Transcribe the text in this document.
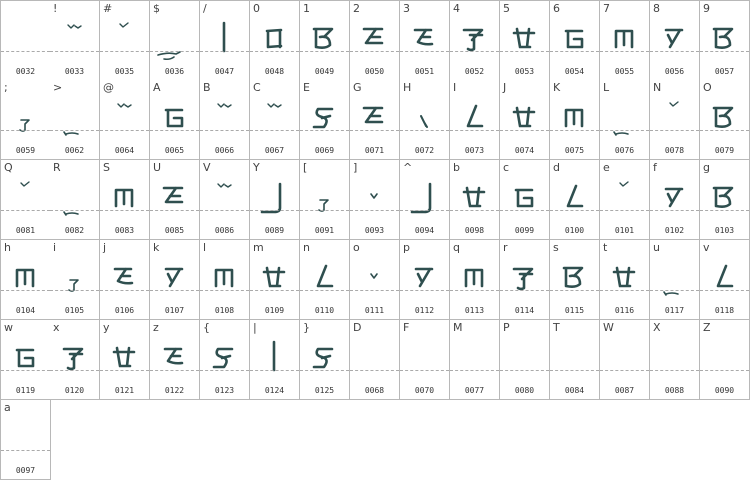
0032
!
0033
#
0035
$
0036
/
0047
0
0048
1
0049
2
0050
3
0051
4
0052
5
0053
6
0054
7
0055
8
0056
9
0057
;
0059
>
0062
@
0064
A
0065
B
0066
C
0067
E
0069
G
0071
H
0072
I
0073
J
0074
K
0075
L
0076
N
0078
O
0079
Q
0081
R
0082
S
0083
U
0085
V
0086
Y
0089
[
0091
]
0093
^
0094
b
0098
c
0099
d
0100
e
0101
f
0102
g
0103
h
0104
i
0105
j
0106
k
0107
l
0108
m
0109
n
0110
o
0111
p
0112
q
0113
r
0114
s
0115
t
0116
u
0117
v
0118
w
0119
x
0120
y
0121
z
0122
{
0123
|
0124
}
0125
D
0068
F
0070
M
0077
P
0080
T
0084
W
0087
X
0088
Z
0090
a
0097
